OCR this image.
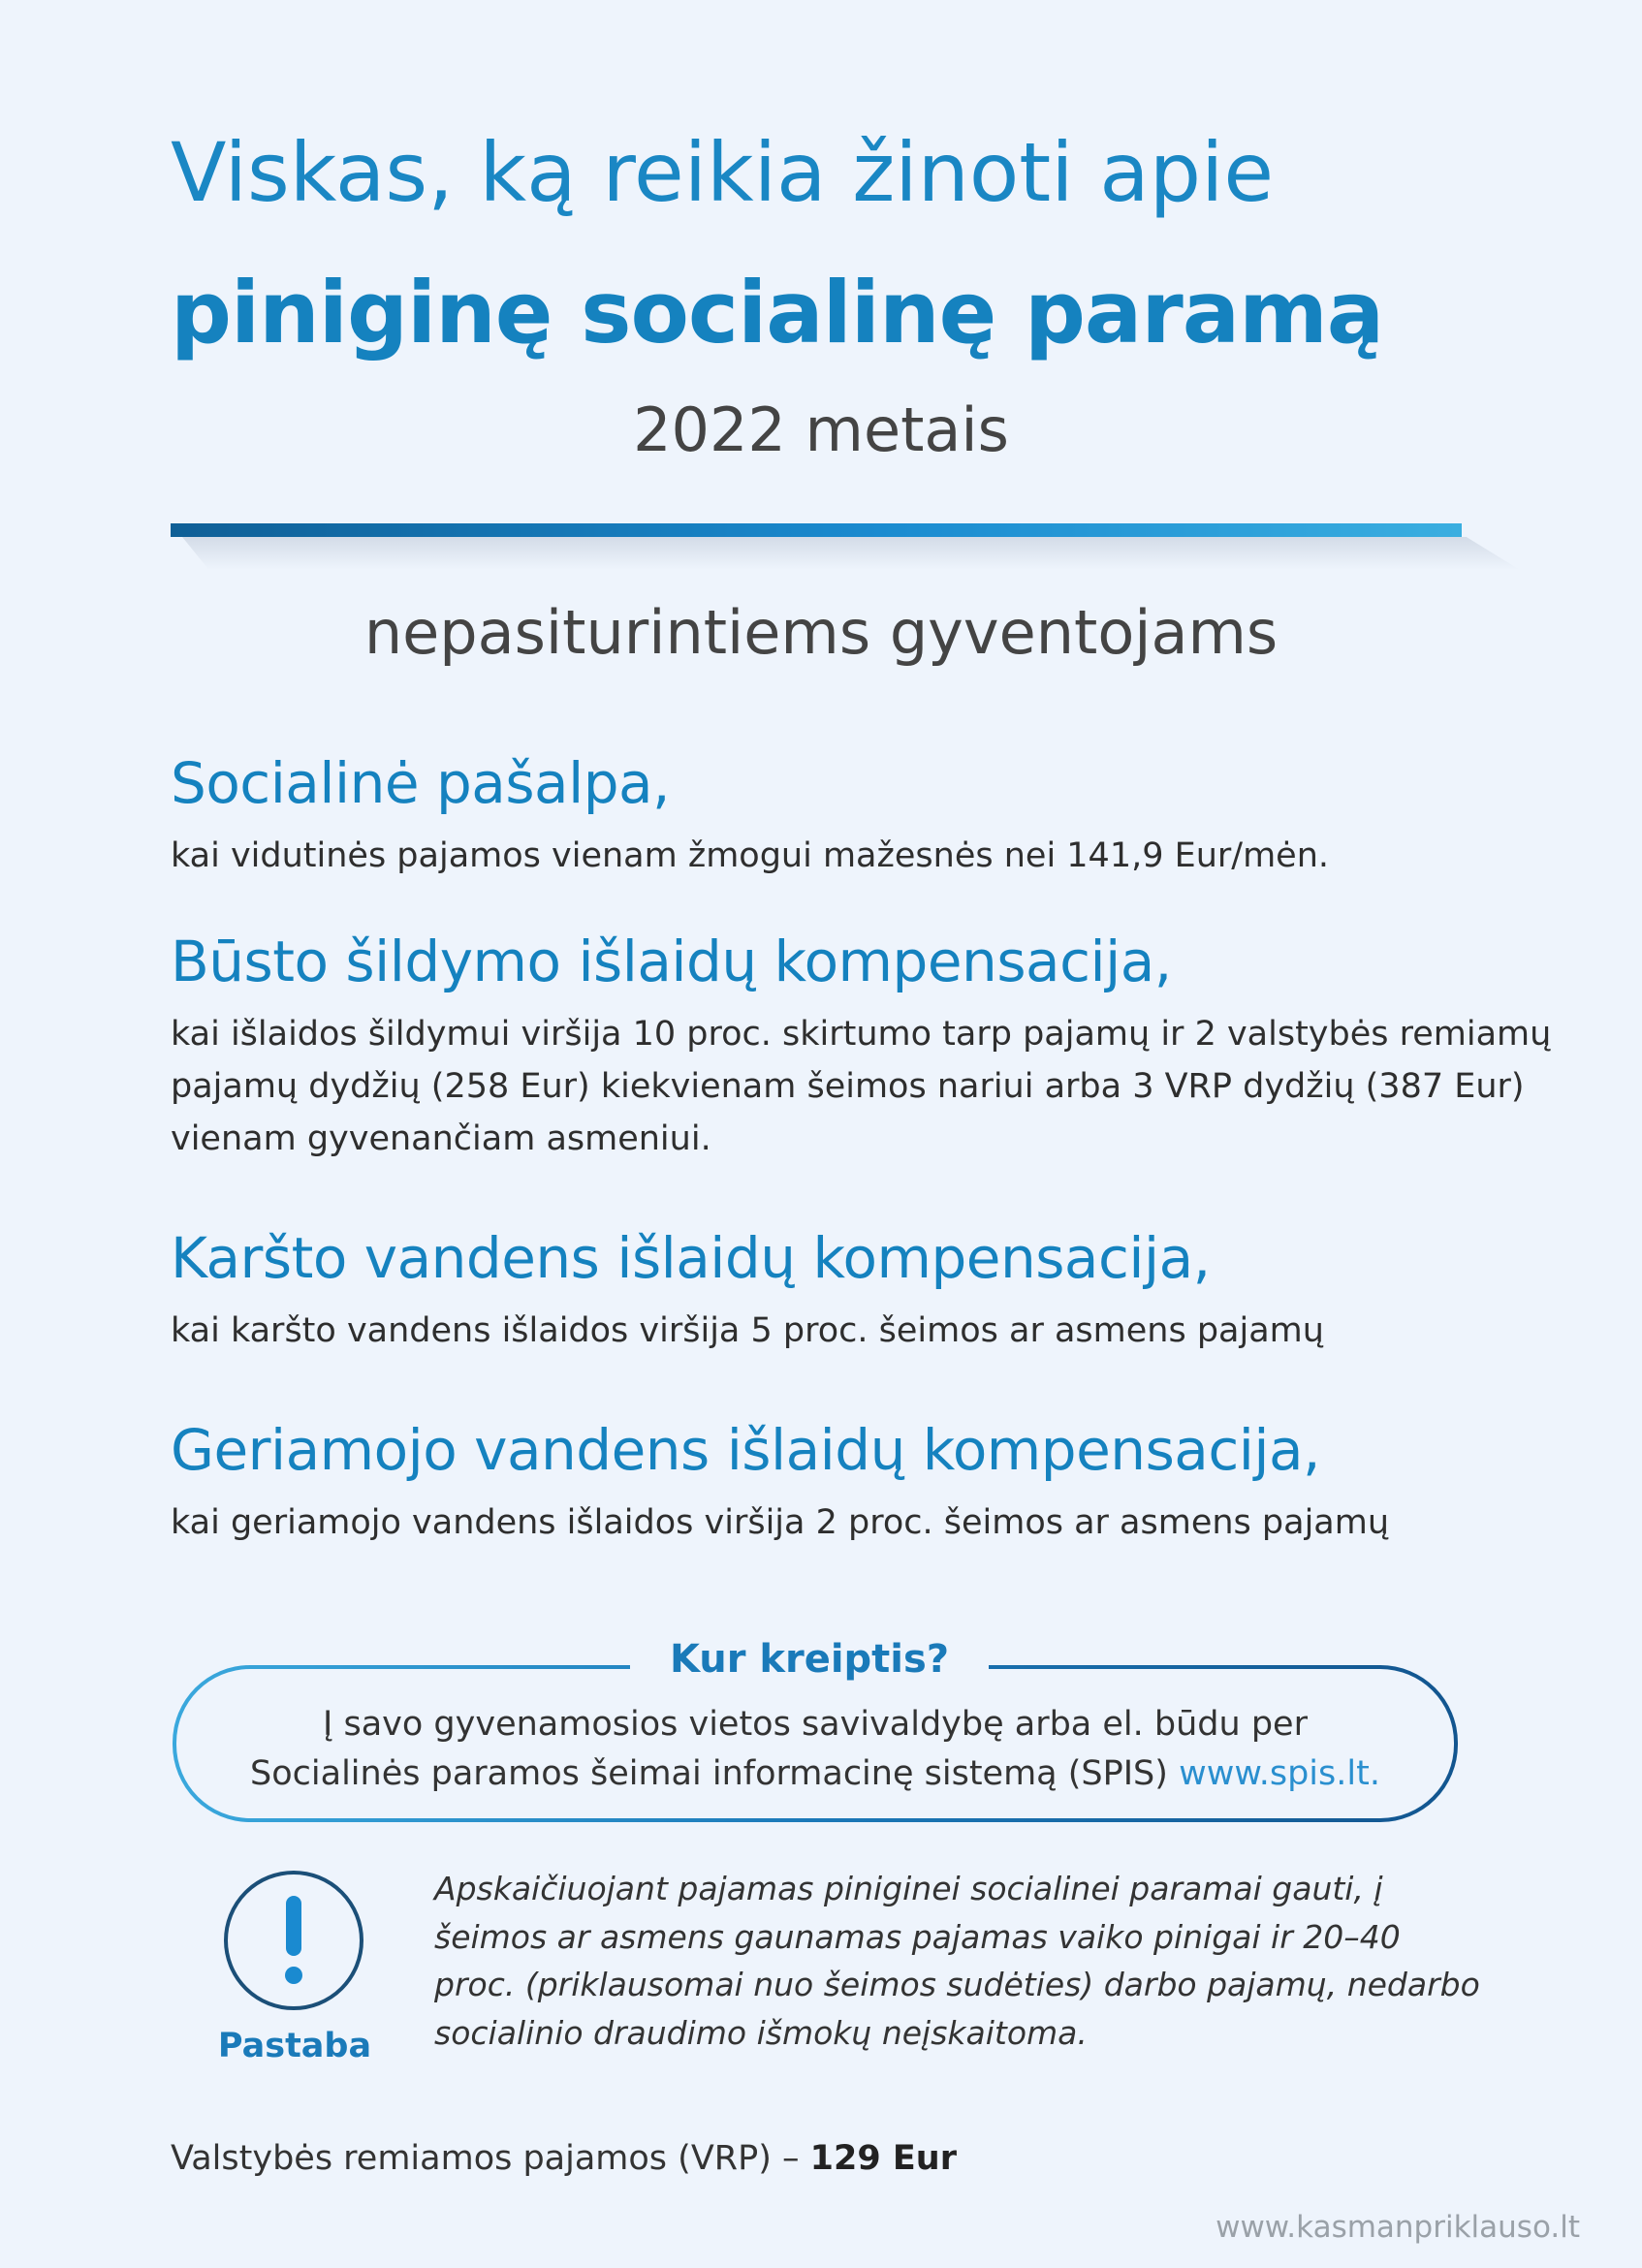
Viskas, ką reikia žinoti apie
piniginę socialinę paramą
2022 metais
nepasiturintiems gyventojams
Socialinė pašalpa,
kai vidutinės pajamos vienam žmogui mažesnės nei 141,9 Eur/mėn.
Būsto šildymo išlaidų kompensacija,
kai išlaidos šildymui viršija 10 proc. skirtumo tarp pajamų ir 2 valstybės remiamų pajamų dydžių (258 Eur) kiekvienam šeimos nariui arba 3 VRP dydžių (387 Eur) vienam gyvenančiam asmeniui.
Karšto vandens išlaidų kompensacija,
kai karšto vandens išlaidos viršija 5 proc. šeimos ar asmens pajamų
Geriamojo vandens išlaidų kompensacija,
kai geriamojo vandens išlaidos viršija 2 proc. šeimos ar asmens pajamų
Kur kreiptis?
Į savo gyvenamosios vietos savivaldybę arba el. būdu per
Socialinės paramos šeimai informacinę sistemą (SPIS) www.spis.lt.
Pastaba
Apskaičiuojant pajamas piniginei socialinei paramai gauti, į šeimos ar asmens gaunamas pajamas vaiko pinigai ir 20–40 proc. (priklausomai nuo šeimos sudėties) darbo pajamų, nedarbo socialinio draudimo išmokų neįskaitoma.
Valstybės remiamos pajamos (VRP) – 129 Eur
www.kasmanpriklauso.lt
